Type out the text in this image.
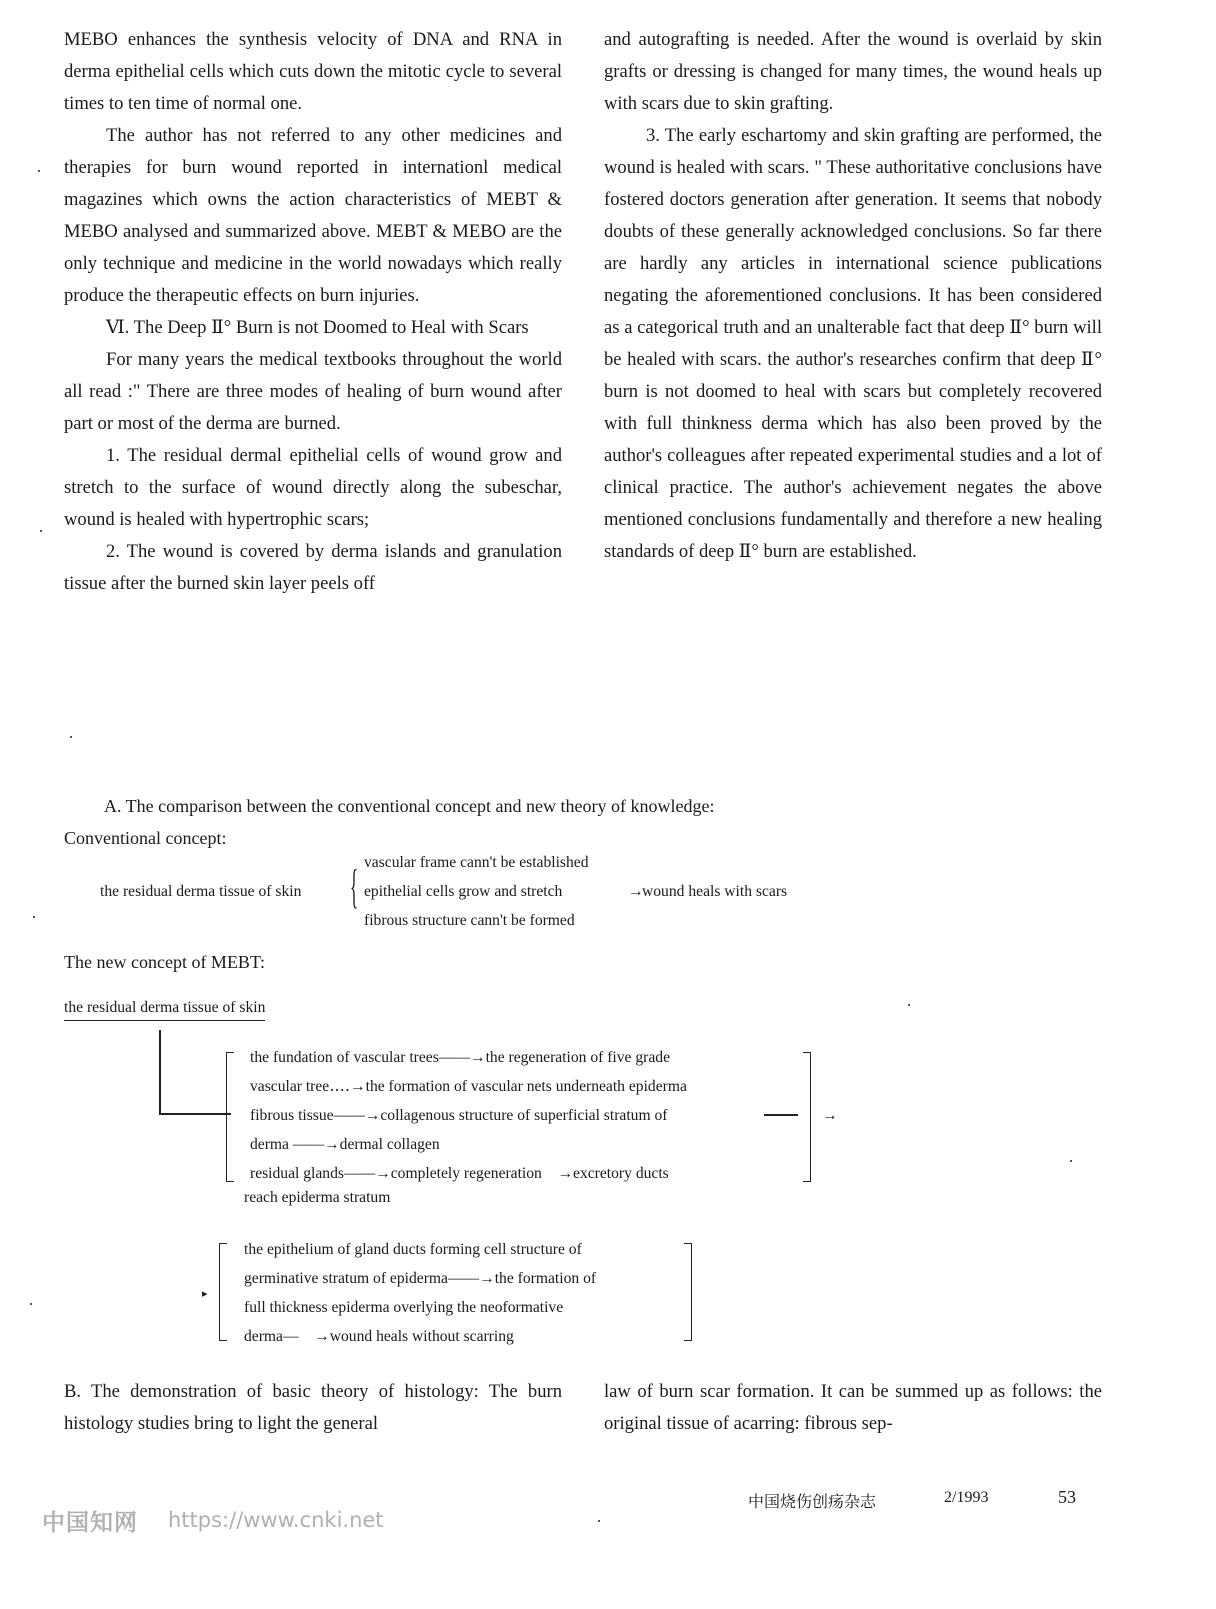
MEBO enhances the synthesis velocity of DNA and RNA in derma epithelial cells which cuts down the mitotic cycle to several times to ten time of normal one.

The author has not referred to any other medicines and therapies for burn wound reported in internationl medical magazines which owns the action characteristics of MEBT & MEBO analysed and summarized above. MEBT & MEBO are the only technique and medicine in the world nowadays which really produce the therapeutic effects on burn injuries.

Ⅵ. The Deep Ⅱ° Burn is not Doomed to Heal with Scars

For many years the medical textbooks throughout the world all read :" There are three modes of healing of burn wound after part or most of the derma are burned.

1. The residual dermal epithelial cells of wound grow and stretch to the surface of wound directly along the subeschar, wound is healed with hypertrophic scars;

2. The wound is covered by derma islands and granulation tissue after the burned skin layer peels off

and autografting is needed. After the wound is overlaid by skin grafts or dressing is changed for many times, the wound heals up with scars due to skin grafting.

3. The early eschartomy and skin grafting are performed, the wound is healed with scars. " These authoritative conclusions have fostered doctors generation after generation. It seems that nobody doubts of these generally acknowledged conclusions. So far there are hardly any articles in international science publications negating the aforementioned conclusions. It has been considered as a categorical truth and an unalterable fact that deep Ⅱ° burn will be healed with scars. the author's researches confirm that deep Ⅱ° burn is not doomed to heal with scars but completely recovered with full thinkness derma which has also been proved by the author's colleagues after repeated experimental studies and a lot of clinical practice. The author's achievement negates the above mentioned conclusions fundamentally and therefore a new healing standards of deep Ⅱ° burn are established.

A. The comparison between the conventional concept and new theory of knowledge:
Conventional concept:
the residual derma tissue of skin { vascular frame cann't be established
epithelial cells grow and stretch
fibrous structure cann't be formed
→
wound heals with scars
The new concept of MEBT:
the residual derma tissue of skin
→
the fundation of vascular trees——→the regeneration of five grade
vascular tree‥‥→the formation of vascular nets underneath epiderma
fibrous tissue——→collagenous structure of superficial stratum of
derma ——→dermal collagen
residual glands——→completely regeneration　→excretory ducts
reach epiderma stratum
▸
the epithelium of gland ducts forming cell structure of
germinative stratum of epiderma——→the formation of
full thickness epiderma overlying the neoformative
derma—　→wound heals without scarring

B. The demonstration of basic theory of histology: The burn histology studies bring to light the general

law of burn scar formation. It can be summed up as follows: the original tissue of acarring: fibrous sep-

中国烧伤创疡杂志	2/1993	53
中国知网 https://www.cnki.net
